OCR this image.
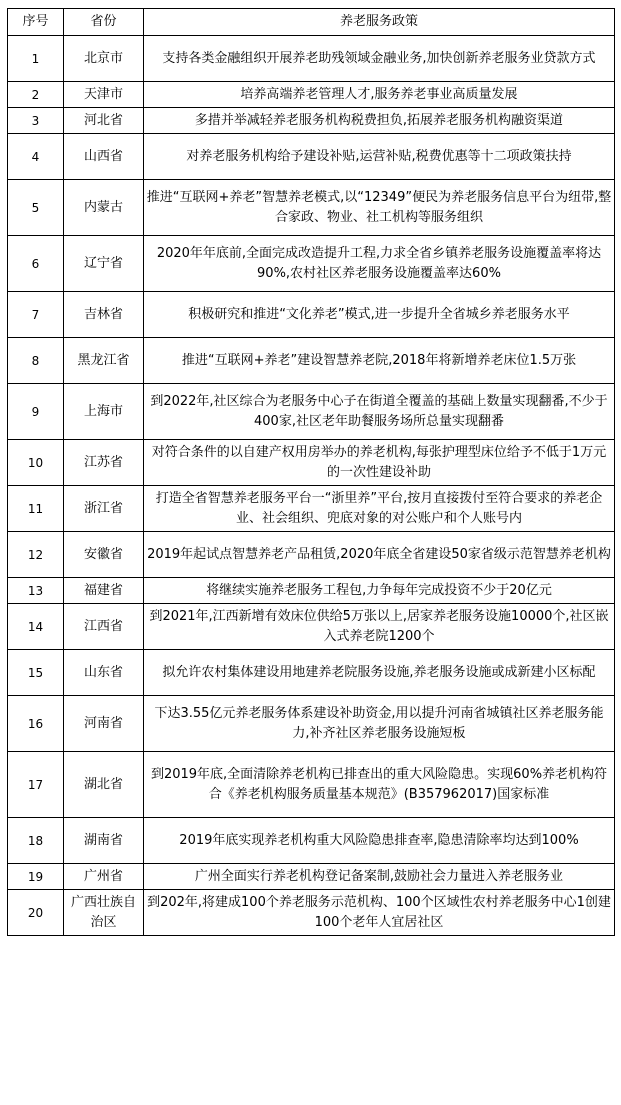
序号	省份	养老服务政策
1	北京市	支持各类金融组织开展养老助残领域金融业务,加快创新养老服务业贷款方式
2	天津市	培养高端养老管理人才,服务养老事业高质量发展
3	河北省	多措并举减轻养老服务机构税费担负,拓展养老服务机构融资渠道
4	山西省	对养老服务机构给予建设补贴,运营补贴,税费优惠等十二项政策扶持
5	内蒙古	推进“互联网+养老”智慧养老模式,以“12349”便民为养老服务信息平台为纽带,整合家政、物业、社工机构等服务组织
6	辽宁省	2020年年底前,全面完成改造提升工程,力求全省乡镇养老服务设施覆盖率将达90%,农村社区养老服务设施覆盖率达60%
7	吉林省	积极研究和推进“文化养老”模式,进一步提升全省城乡养老服务水平
8	黑龙江省	推进“互联网+养老”建设智慧养老院,2018年将新增养老床位1.5万张
9	上海市	到2022年,社区综合为老服务中心子在街道全覆盖的基础上数量实现翻番,不少于400家,社区老年助餐服务场所总量实现翻番
10	江苏省	对符合条件的以自建产权用房举办的养老机构,每张护理型床位给予不低于1万元的一次性建设补助
11	浙江省	打造全省智慧养老服务平台一“浙里养”平台,按月直接拨付至符合要求的养老企业、社会组织、兜底对象的对公账户和个人账号内
12	安徽省	2019年起试点智慧养老产品租赁,2020年底全省建设50家省级示范智慧养老机构
13	福建省	将继续实施养老服务工程包,力争每年完成投资不少于20亿元
14	江西省	到2021年,江西新增有效床位供给5万张以上,居家养老服务设施10000个,社区嵌入式养老院1200个
15	山东省	拟允许农村集体建设用地建养老院服务设施,养老服务设施或成新建小区标配
16	河南省	下达3.55亿元养老服务体系建设补助资金,用以提升河南省城镇社区养老服务能力,补齐社区养老服务设施短板
17	湖北省	到2019年底,全面清除养老机构已排查出的重大风险隐患。实现60%养老机构符合《养老机构服务质量基本规范》(B357962017)国家标准
18	湖南省	2019年底实现养老机构重大风险隐患排查率,隐患清除率均达到100%
19	广州省	广州全面实行养老机构登记备案制,鼓励社会力量进入养老服务业
20	广西壮族自治区	到202年,将建成100个养老服务示范机构、100个区域性农村养老服务中心1创建100个老年人宜居社区
